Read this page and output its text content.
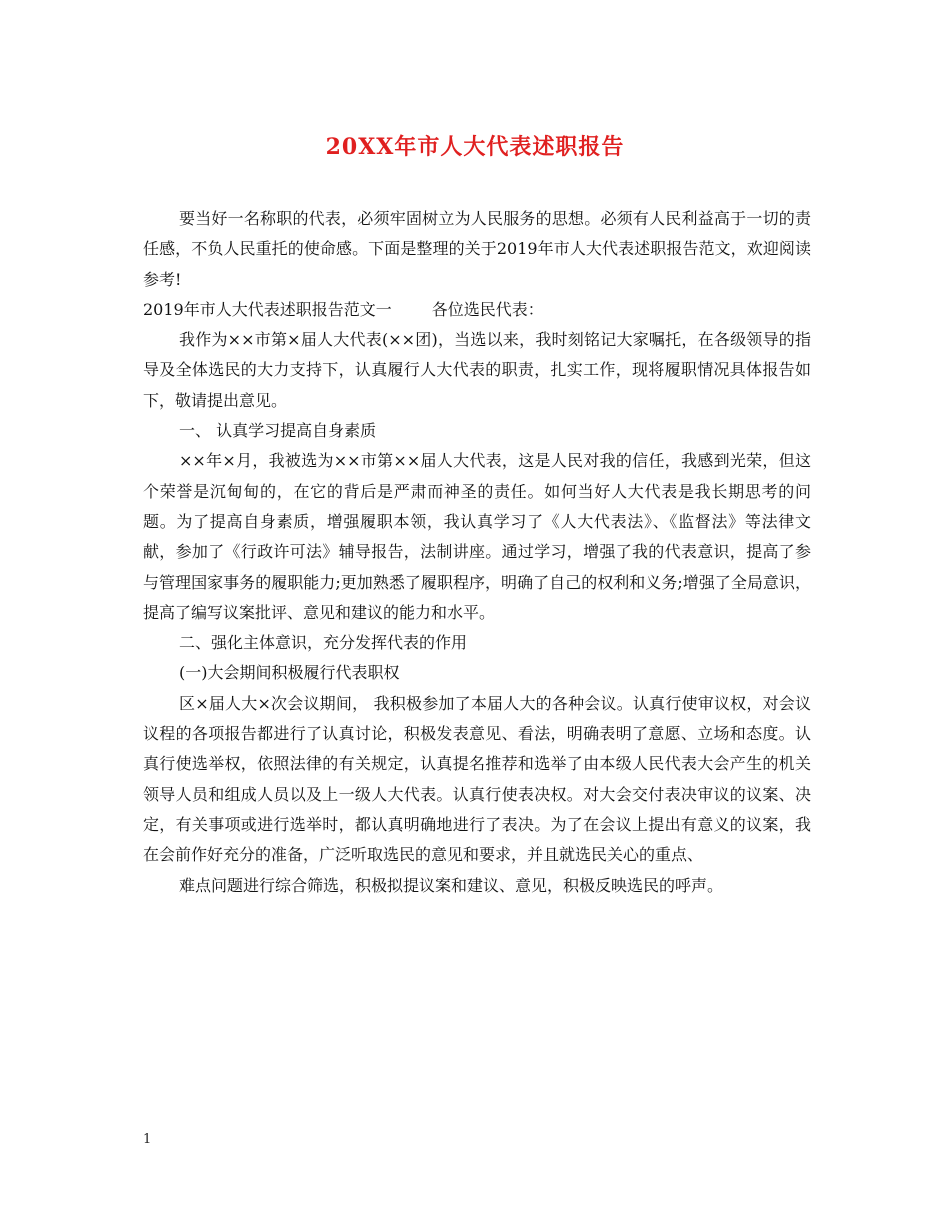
20XX年市人大代表述职报告

要当好一名称职的代表，必须牢固树立为人民服务的思想。必须有人民利益高于一切的责任感，不负人民重托的使命感。下面是整理的关于2019年市人大代表述职报告范文，欢迎阅读参考!

2019年市人大代表述职报告范文一	各位选民代表：

我作为××市第×届人大代表(××团)，当选以来，我时刻铭记大家嘱托，在各级领导的指导及全体选民的大力支持下，认真履行人大代表的职责，扎实工作，现将履职情况具体报告如下，敬请提出意见。

一、 认真学习提高自身素质

××年×月，我被选为××市第××届人大代表，这是人民对我的信任，我感到光荣，但这个荣誉是沉甸甸的，在它的背后是严肃而神圣的责任。如何当好人大代表是我长期思考的问题。为了提高自身素质，增强履职本领，我认真学习了《人大代表法》、《监督法》等法律文献，参加了《行政许可法》辅导报告，法制讲座。通过学习，增强了我的代表意识，提高了参与管理国家事务的履职能力;更加熟悉了履职程序，明确了自己的权利和义务;增强了全局意识，提高了编写议案批评、意见和建议的能力和水平。

二、强化主体意识，充分发挥代表的作用

(一)大会期间积极履行代表职权

区×届人大×次会议期间， 我积极参加了本届人大的各种会议。认真行使审议权，对会议议程的各项报告都进行了认真讨论，积极发表意见、看法，明确表明了意愿、立场和态度。认真行使选举权，依照法律的有关规定，认真提名推荐和选举了由本级人民代表大会产生的机关领导人员和组成人员以及上一级人大代表。认真行使表决权。对大会交付表决审议的议案、决定，有关事项或进行选举时，都认真明确地进行了表决。为了在会议上提出有意义的议案，我在会前作好充分的准备，广泛听取选民的意见和要求，并且就选民关心的重点、

难点问题进行综合筛选，积极拟提议案和建议、意见，积极反映选民的呼声。

1
